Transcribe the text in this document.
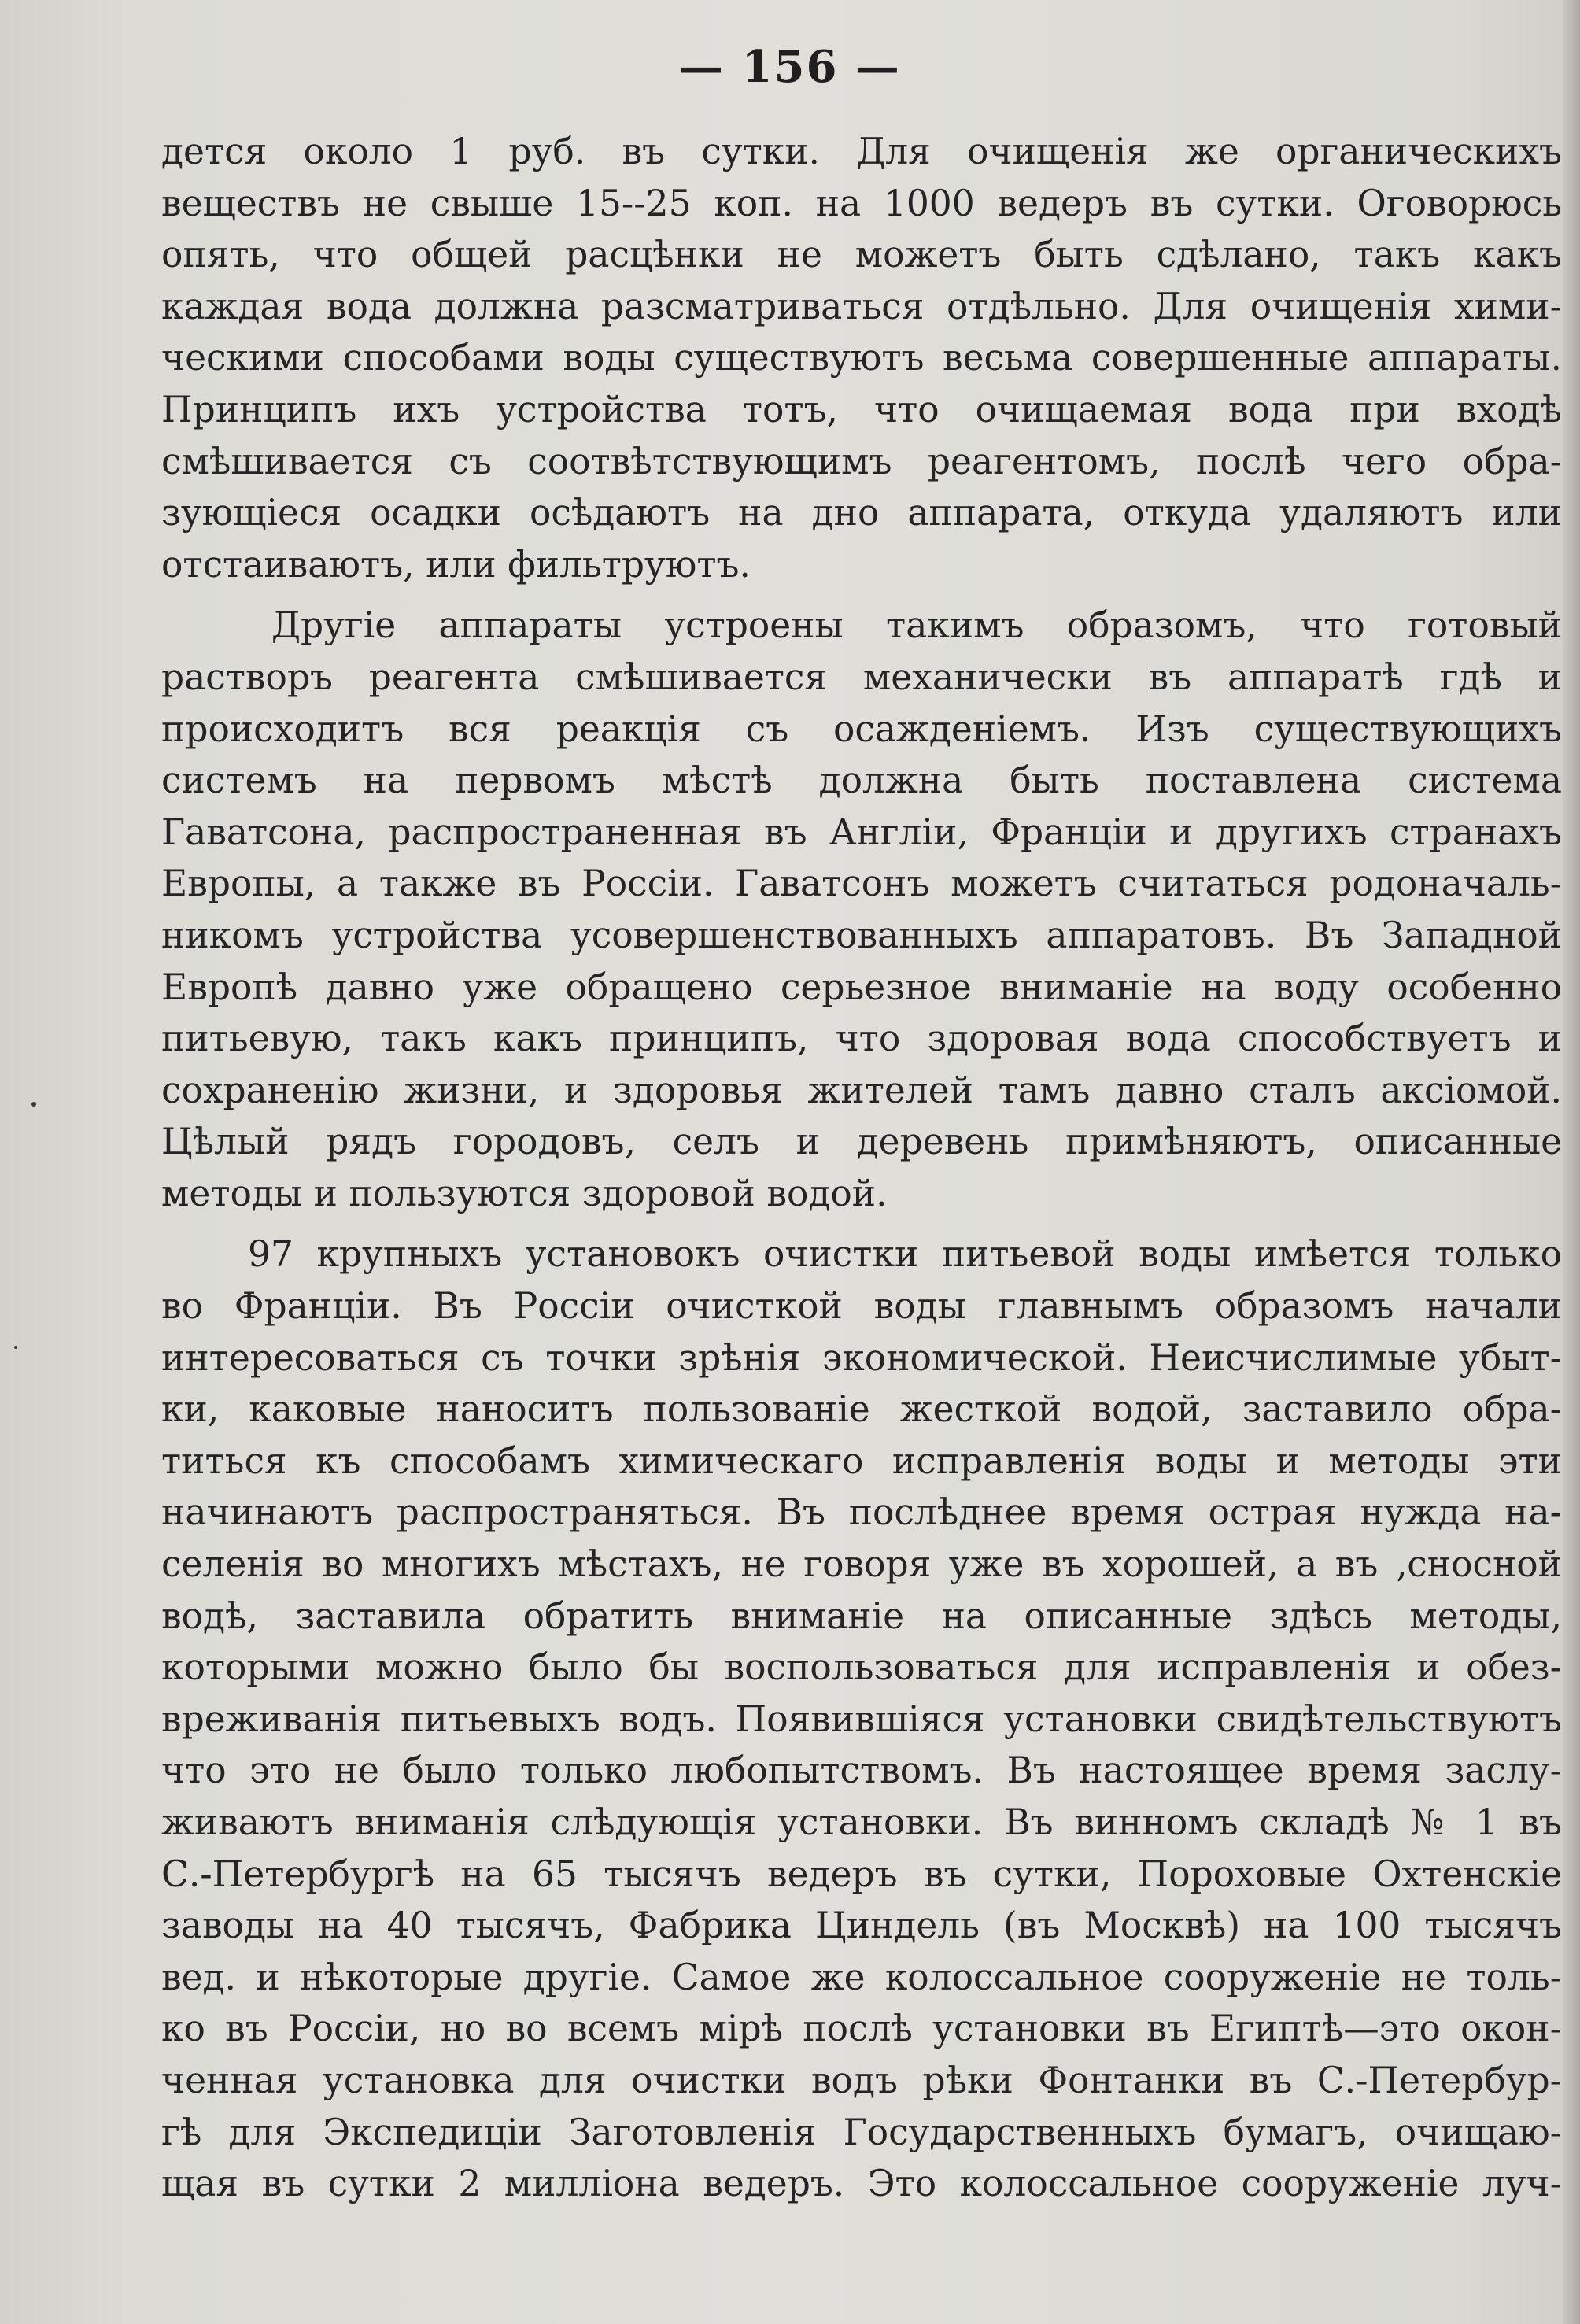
— 156 —
дется около 1 руб. въ сутки. Для очищенія же органическихъ
веществъ не свыше 15--25 коп. на 1000 ведеръ въ сутки. Оговорюсь
опять, что общей расцѣнки не можетъ быть сдѣлано, такъ какъ
каждая вода должна разсматриваться отдѣльно. Для очищенія хими-
ческими способами воды существуютъ весьма совершенные аппараты.
Принципъ ихъ устройства тотъ, что очищаемая вода при входѣ
смѣшивается съ соотвѣтствующимъ реагентомъ, послѣ чего обра-
зующіеся осадки осѣдаютъ на дно аппарата, откуда удаляютъ или
отстаиваютъ, или фильтруютъ.
Другіе аппараты устроены такимъ образомъ, что готовый
растворъ реагента смѣшивается механически въ аппаратѣ гдѣ и
происходитъ вся реакція съ осажденіемъ. Изъ существующихъ
системъ на первомъ мѣстѣ должна быть поставлена система
Гаватсона, распространенная въ Англіи, Франціи и другихъ странахъ
Европы, а также въ Россіи. Гаватсонъ можетъ считаться родоначаль-
никомъ устройства усовершенствованныхъ аппаратовъ. Въ Западной
Европѣ давно уже обращено серьезное вниманіе на воду особенно
питьевую, такъ какъ принципъ, что здоровая вода способствуетъ и
сохраненію жизни, и здоровья жителей тамъ давно сталъ аксіомой.
Цѣлый рядъ городовъ, селъ и деревень примѣняютъ, описанные
методы и пользуются здоровой водой.
97 крупныхъ установокъ очистки питьевой воды имѣется только
во Франціи. Въ Россіи очисткой воды главнымъ образомъ начали
интересоваться съ точки зрѣнія экономической. Неисчислимые убыт-
ки, каковые наноситъ пользованіе жесткой водой, заставило обра-
титься къ способамъ химическаго исправленія воды и методы эти
начинаютъ распространяться. Въ послѣднее время острая нужда на-
селенія во многихъ мѣстахъ, не говоря уже въ хорошей, а въ ‚сносной водѣ, заставила обратить вниманіе на описанные здѣсь методы,
которыми можно было бы воспользоваться для исправленія и обез-
вреживанія питьевыхъ водъ. Появившіяся установки свидѣтельствуютъ
что это не было только любопытствомъ. Въ настоящее время заслу-
живаютъ вниманія слѣдующія установки. Въ винномъ складѣ № 1 въ
С.-Петербургѣ на 65 тысячъ ведеръ въ сутки, Пороховые Охтенскіе
заводы на 40 тысячъ, Фабрика Циндель (въ Москвѣ) на 100 тысячъ
вед. и нѣкоторые другіе. Самое же колоссальное сооруженіе не толь-
ко въ Россіи, но во всемъ мірѣ послѣ установки въ Египтѣ—это окон-
ченная установка для очистки водъ рѣки Фонтанки въ С.-Петербур-
гѣ для Экспедиціи Заготовленія Государственныхъ бумагъ, очищаю-
щая въ сутки 2 милліона ведеръ. Это колоссальное сооруженіе луч-
